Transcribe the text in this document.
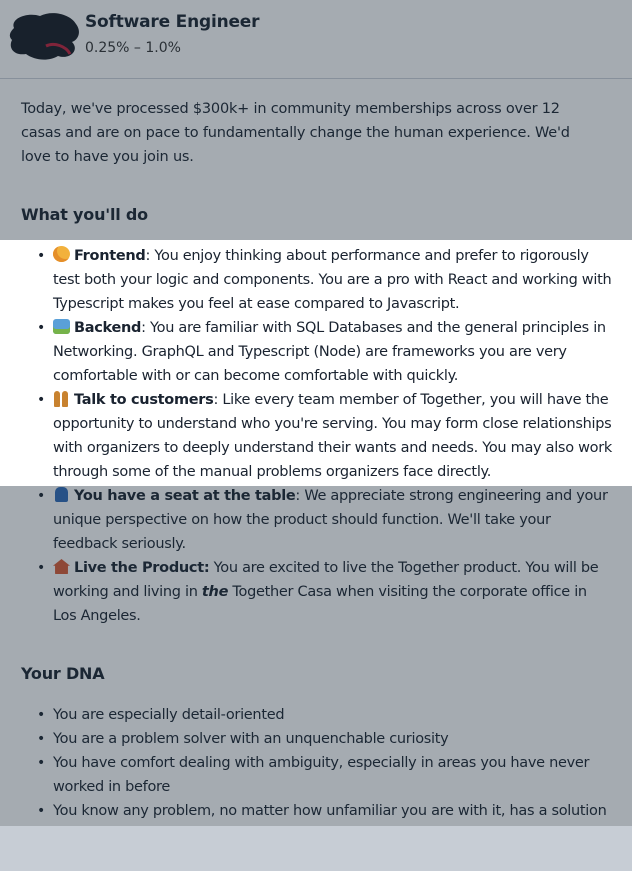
Software Engineer
0.25% – 1.0%
Today, we've processed $300k+ in community memberships across over 12 casas and are on pace to fundamentally change the human experience. We'd love to have you join us.
What you'll do
• Frontend: You enjoy thinking about performance and prefer to rigorously test both your logic and components. You are a pro with React and working with Typescript makes you feel at ease compared to Javascript.
• Backend: You are familiar with SQL Databases and the general principles in Networking. GraphQL and Typescript (Node) are frameworks you are very comfortable with or can become comfortable with quickly.
• Talk to customers: Like every team member of Together, you will have the opportunity to understand who you're serving. You may form close relationships with organizers to deeply understand their wants and needs. You may also work through some of the manual problems organizers face directly.
• You have a seat at the table: We appreciate strong engineering and your unique perspective on how the product should function. We'll take your feedback seriously.
• Live the Product: You are excited to live the Together product. You will be working and living in the Together Casa when visiting the corporate office in Los Angeles.
Your DNA
• You are especially detail-oriented
• You are a problem solver with an unquenchable curiosity
• You have comfort dealing with ambiguity, especially in areas you have never worked in before
• You know any problem, no matter how unfamiliar you are with it, has a solution
